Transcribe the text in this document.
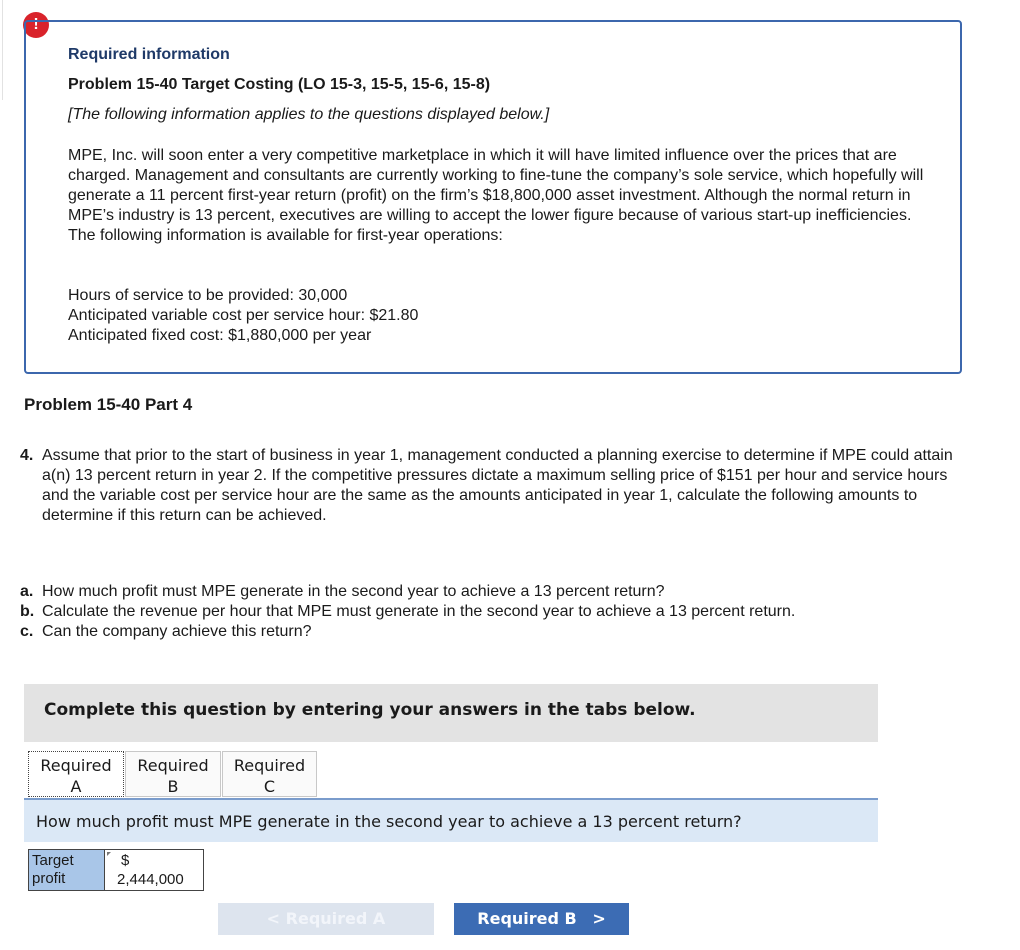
!
Required information
Problem 15-40 Target Costing (LO 15-3, 15-5, 15-6, 15-8)
[The following information applies to the questions displayed below.]
MPE, Inc. will soon enter a very competitive marketplace in which it will have limited influence over the prices that are charged. Management and consultants are currently working to fine-tune the company’s sole service, which hopefully will generate a 11 percent first-year return (profit) on the firm’s $18,800,000 asset investment. Although the normal return in MPE’s industry is 13 percent, executives are willing to accept the lower figure because of various start-up inefficiencies. The following information is available for first-year operations:
Hours of service to be provided: 30,000
Anticipated variable cost per service hour: $21.80
Anticipated fixed cost: $1,880,000 per year
Problem 15-40 Part 4
4. Assume that prior to the start of business in year 1, management conducted a planning exercise to determine if MPE could attain a(n) 13 percent return in year 2. If the competitive pressures dictate a maximum selling price of $151 per hour and service hours and the variable cost per service hour are the same as the amounts anticipated in year 1, calculate the following amounts to determine if this return can be achieved.
a. How much profit must MPE generate in the second year to achieve a 13 percent return?
b. Calculate the revenue per hour that MPE must generate in the second year to achieve a 13 percent return.
c. Can the company achieve this return?
Complete this question by entering your answers in the tabs below.
Required
A
Required
B
Required
C
How much profit must MPE generate in the second year to achieve a 13 percent return?
Target
profit
$
2,444,000
< Required A	Required B >
